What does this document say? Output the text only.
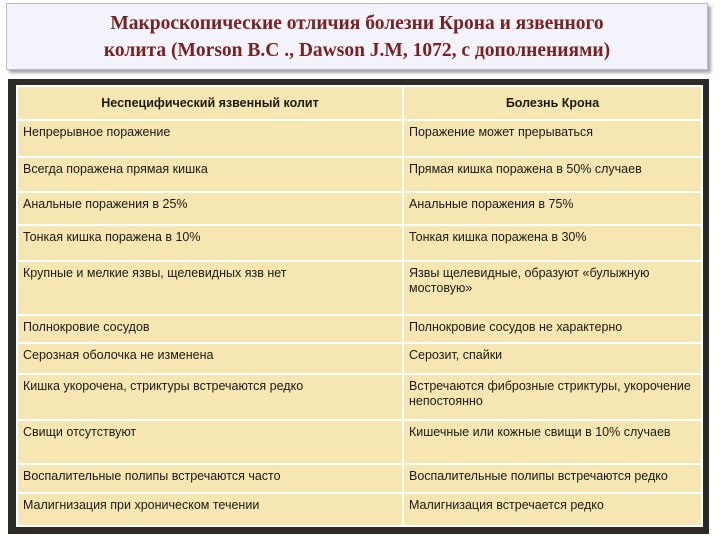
Макроскопические отличия болезни Крона и язвенного
колита (Morson B.C ., Dawson J.M, 1072, с дополнениями)
Неспецифический язвенный колит	Болезнь Крона
Непрерывное поражение	Поражение может прерываться
Всегда поражена прямая кишка	Прямая кишка поражена в 50% случаев
Анальные поражения в 25%	Анальные поражения в 75%
Тонкая кишка поражена в 10%	Тонкая кишка поражена в 30%
Крупные и мелкие язвы, щелевидных язв нет	Язвы щелевидные, образуют «булыжную мостовую»
Полнокровие сосудов	Полнокровие сосудов не характерно
Серозная оболочка не изменена	Серозит, спайки
Кишка укорочена, стриктуры встречаются редко	Встречаются фиброзные стриктуры, укорочение непостоянно
Свищи отсутствуют	Кишечные или кожные свищи в 10% случаев
Воспалительные полипы встречаются часто	Воспалительные полипы встречаются редко
Малигнизация при хроническом течении	Малигнизация встречается редко
